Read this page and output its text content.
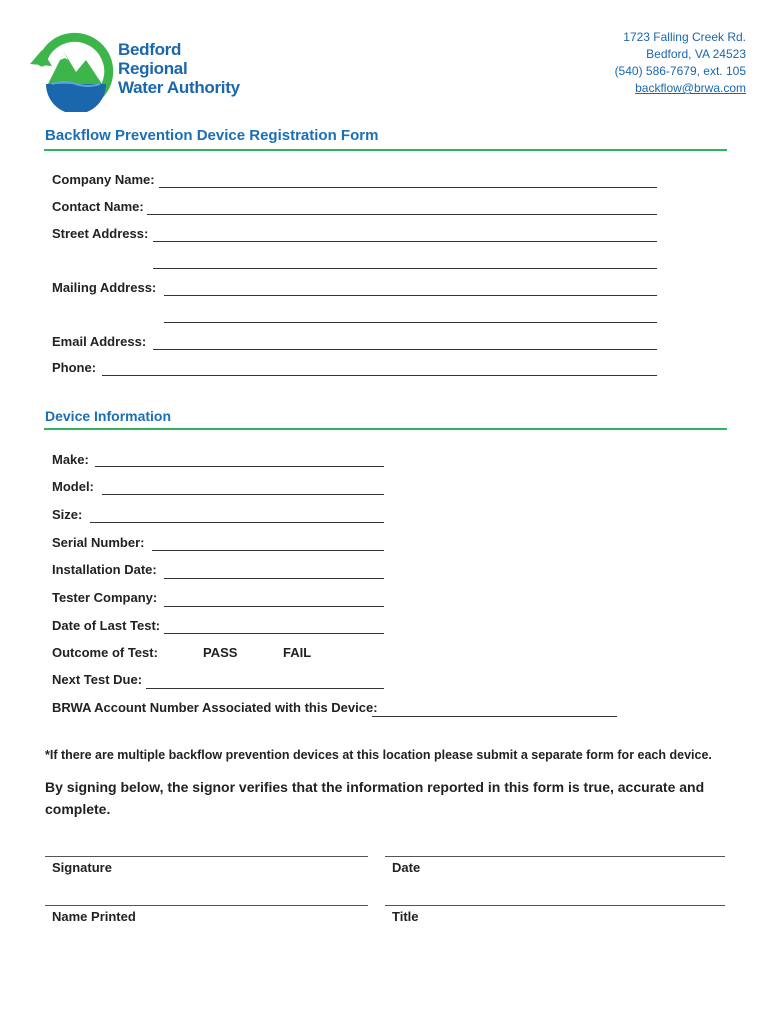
Bedford
Regional
Water Authority
1723 Falling Creek Rd.
Bedford, VA 24523
(540) 586-7679, ext. 105
backflow@brwa.com
Backflow Prevention Device Registration Form
Company Name:
Contact Name:
Street Address:
Mailing Address:
Email Address:
Phone:
Device Information
Make:
Model:
Size:
Serial Number:
Installation Date:
Tester Company:
Date of Last Test:
Outcome of Test:	PASS	FAIL
Next Test Due:
BRWA Account Number Associated with this Device:
*If there are multiple backflow prevention devices at this location please submit a separate form for each device.
By signing below, the signor verifies that the information reported in this form is true, accurate and complete.
Signature	Date
Name Printed	Title
